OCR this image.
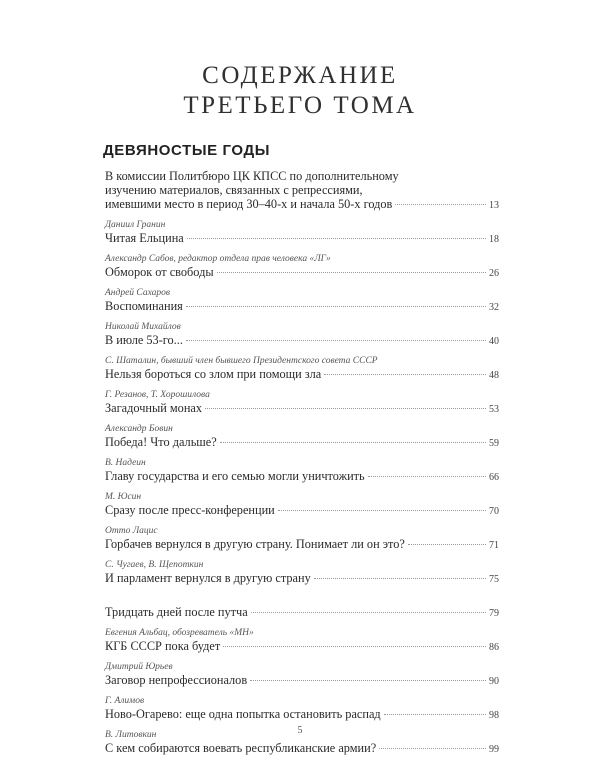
СОДЕРЖАНИЕ
ТРЕТЬЕГО ТОМА
ДЕВЯНОСТЫЕ ГОДЫ
В комиссии Политбюро ЦК КПСС по дополнительному
изучению материалов, связанных с репрессиями,
имевшими место в период 30–40-х и начала 50-х годов	13
Даниил Гранин
Читая Ельцина	18
Александр Сабов, редактор отдела прав человека «ЛГ»
Обморок от свободы	26
Андрей Сахаров
Воспоминания	32
Николай Михайлов
В июле 53-го...	40
С. Шаталин, бывший член бывшего Президентского совета СССР
Нельзя бороться со злом при помощи зла	48
Г. Резанов, Т. Хорошилова
Загадочный монах	53
Александр Бовин
Победа! Что дальше?	59
В. Надеин
Главу государства и его семью могли уничтожить	66
М. Юсин
Сразу после пресс-конференции	70
Отто Лацис
Горбачев вернулся в другую страну. Понимает ли он это?	71
С. Чугаев, В. Щепоткин
И парламент вернулся в другую страну	75

Тридцать дней после путча	79
Евгения Альбац, обозреватель «МН»
КГБ СССР пока будет	86
Дмитрий Юрьев
Заговор непрофессионалов	90
Г. Алимов
Ново-Огарево: еще одна попытка остановить распад	98
В. Литовкин
С кем собираются воевать республиканские армии?	99
5
